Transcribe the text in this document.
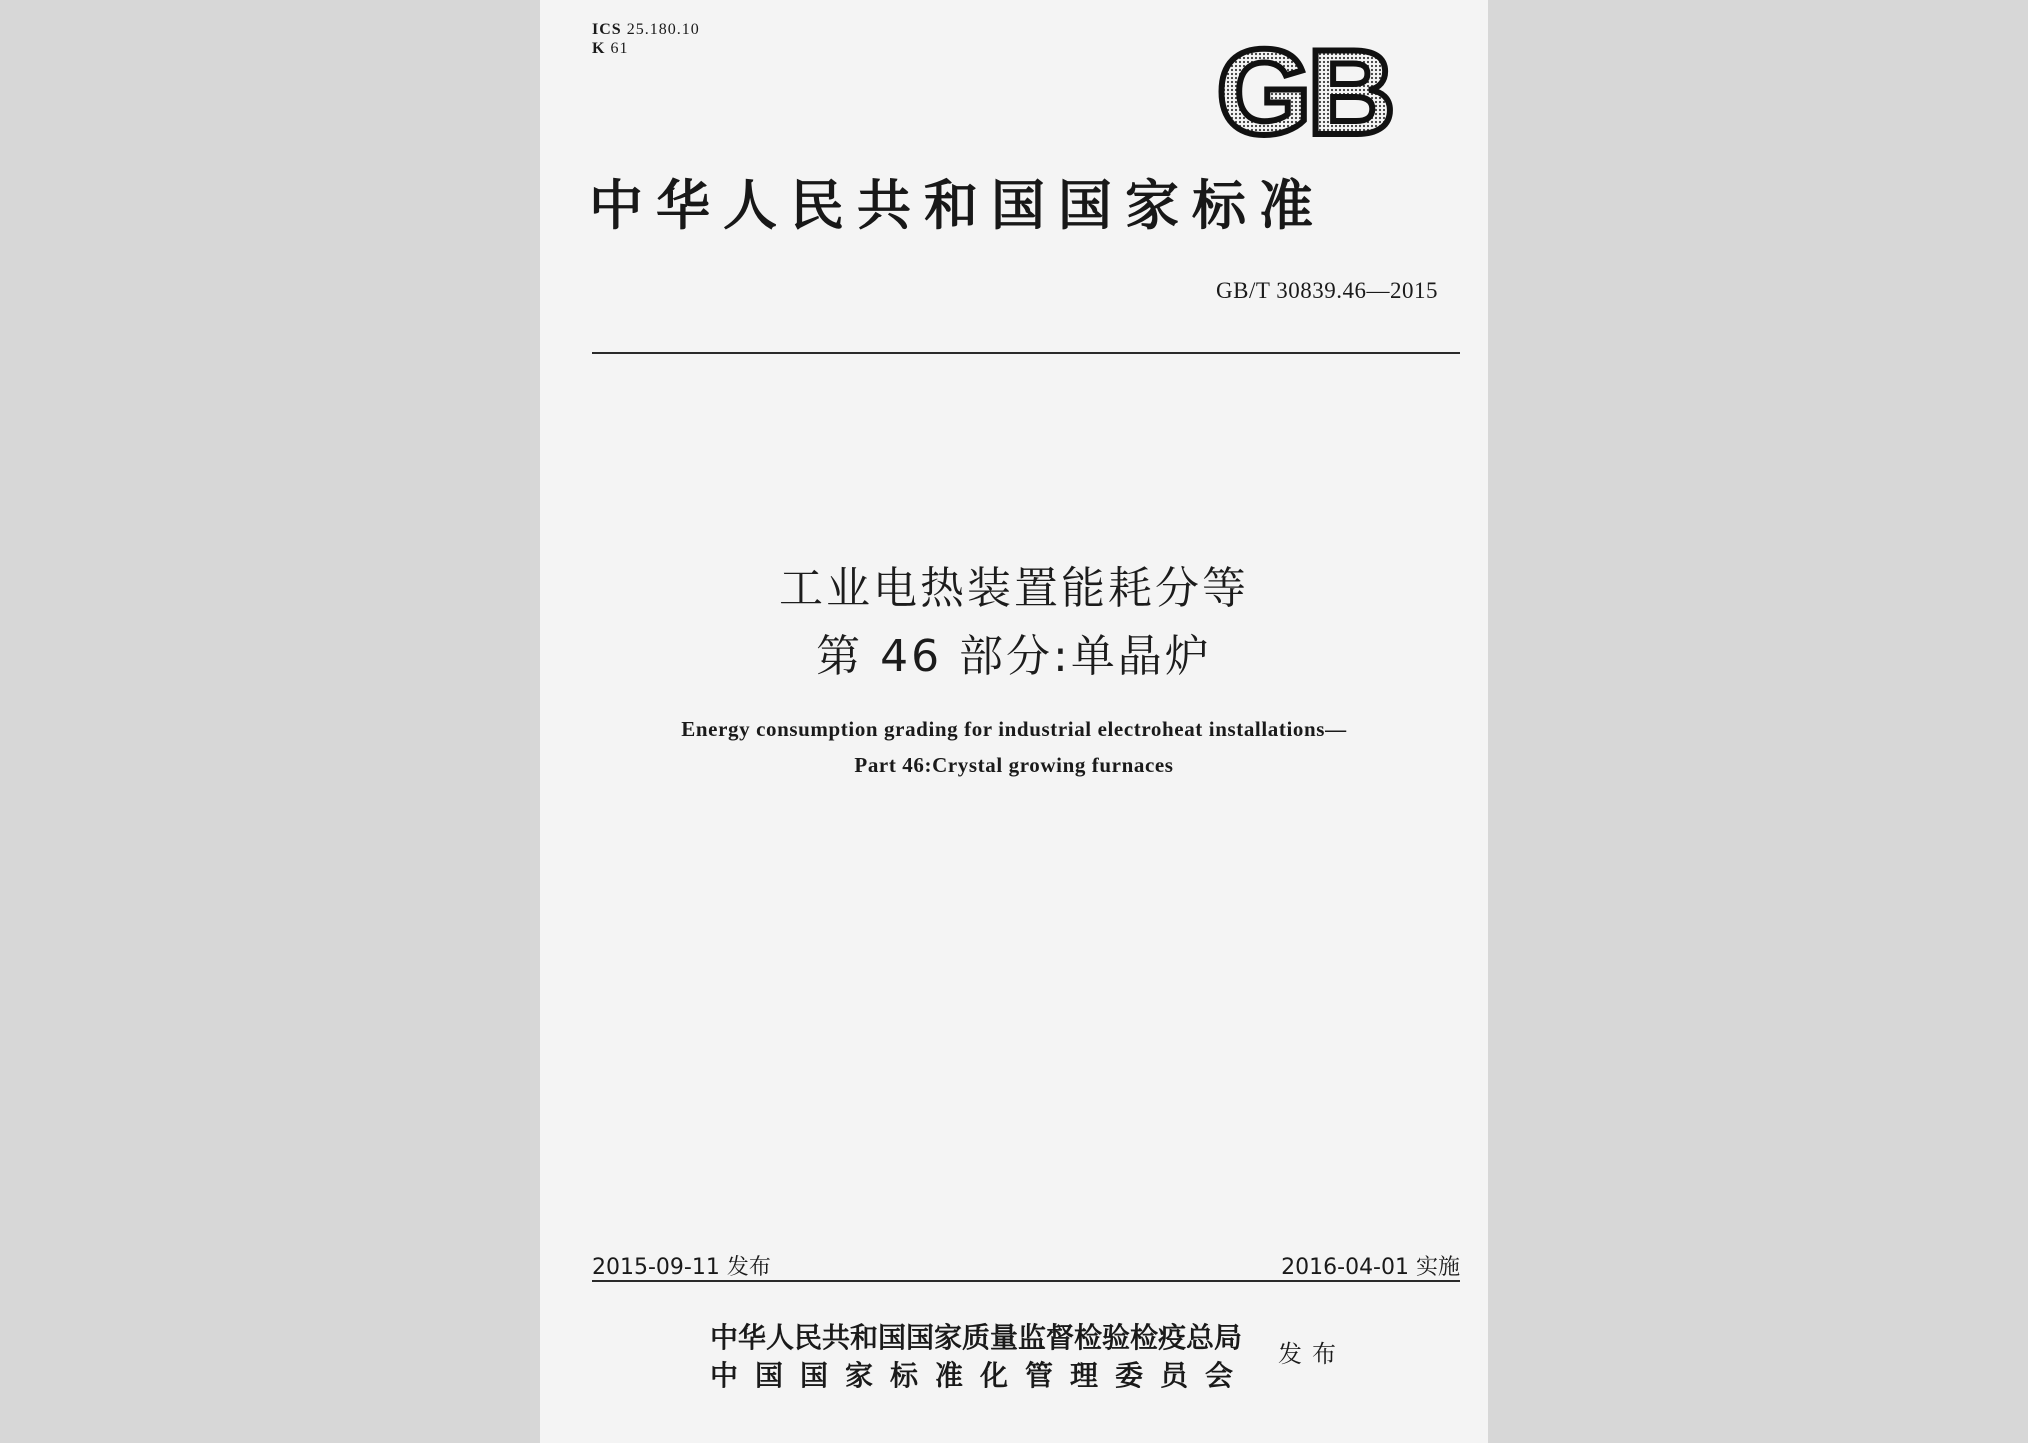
ICS 25.180.10
K 61	GB
中华人民共和国国家标准
GB/T 30839.46—2015
工业电热装置能耗分等
第 46 部分:单晶炉
Energy consumption grading for industrial electroheat installations—
Part 46:Crystal growing furnaces
2015-09-11 发布	2016-04-01 实施
中华人民共和国国家质量监督检验检疫总局
中国国家标准化管理委员会
发布
